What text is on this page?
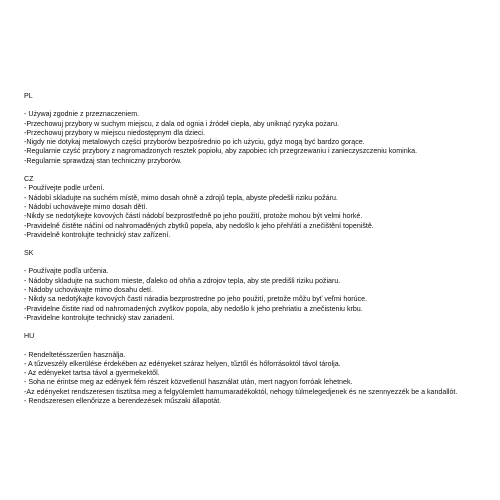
PL
- Używaj zgodnie z przeznaczeniem.
-Przechowuj przybory w suchym miejscu, z dala od ognia i źródeł ciepła, aby uniknąć ryzyka pożaru.
-Przechowuj przybory w miejscu niedostępnym dla dzieci.
-Nigdy nie dotykaj metalowych części przyborów bezpośrednio po ich użyciu, gdyż mogą być bardzo gorące.
-Regularnie czyść przybory z nagromadzonych resztek popiołu, aby zapobiec ich przegrzewaniu i zanieczyszczeniu kominka.
-Regularnie sprawdzaj stan techniczny przyborów.
CZ
- Používejte podle určení.
- Nádobí skladujte na suchém místě, mimo dosah ohně a zdrojů tepla, abyste předešli riziku požáru.
- Nádobí uchovávejte mimo dosah dětí.
-Nikdy se nedotýkejte kovových částí nádobí bezprostředně po jeho použití, protože mohou být velmi horké.
-Pravidelně čistěte náčiní od nahromaděných zbytků popela, aby nedošlo k jeho přehřátí a znečištění topeniště.
-Pravidelně kontrolujte technický stav zařízení.
SK
- Používajte podľa určenia.
- Nádoby skladujte na suchom mieste, ďaleko od ohňa a zdrojov tepla, aby ste predišli riziku požiaru.
- Nádoby uchovávajte mimo dosahu detí.
- Nikdy sa nedotýkajte kovových častí náradia bezprostredne po jeho použití, pretože môžu byť veľmi horúce.
-Pravidelne čistite riad od nahromadených zvyškov popola, aby nedošlo k jeho prehriatiu a znečisteniu krbu.
-Pravidelne kontrolujte technický stav zariadení.
HU
- Rendeltetésszerűen használja.
- A tűzveszély elkerülése érdekében az edényeket száraz helyen, tűztől és hőforrásoktól távol tárolja.
- Az edényeket tartsa távol a gyermekektől.
- Soha ne érintse meg az edények fém részeit közvetlenül használat után, mert nagyon forróak lehetnek.
-Az edényeket rendszeresen tisztítsa meg a felgyülemlett hamumaradékoktól, nehogy túlmelegedjenek és ne szennyezzék be a kandallót.
- Rendszeresen ellenőrizze a berendezések műszaki állapotát.
